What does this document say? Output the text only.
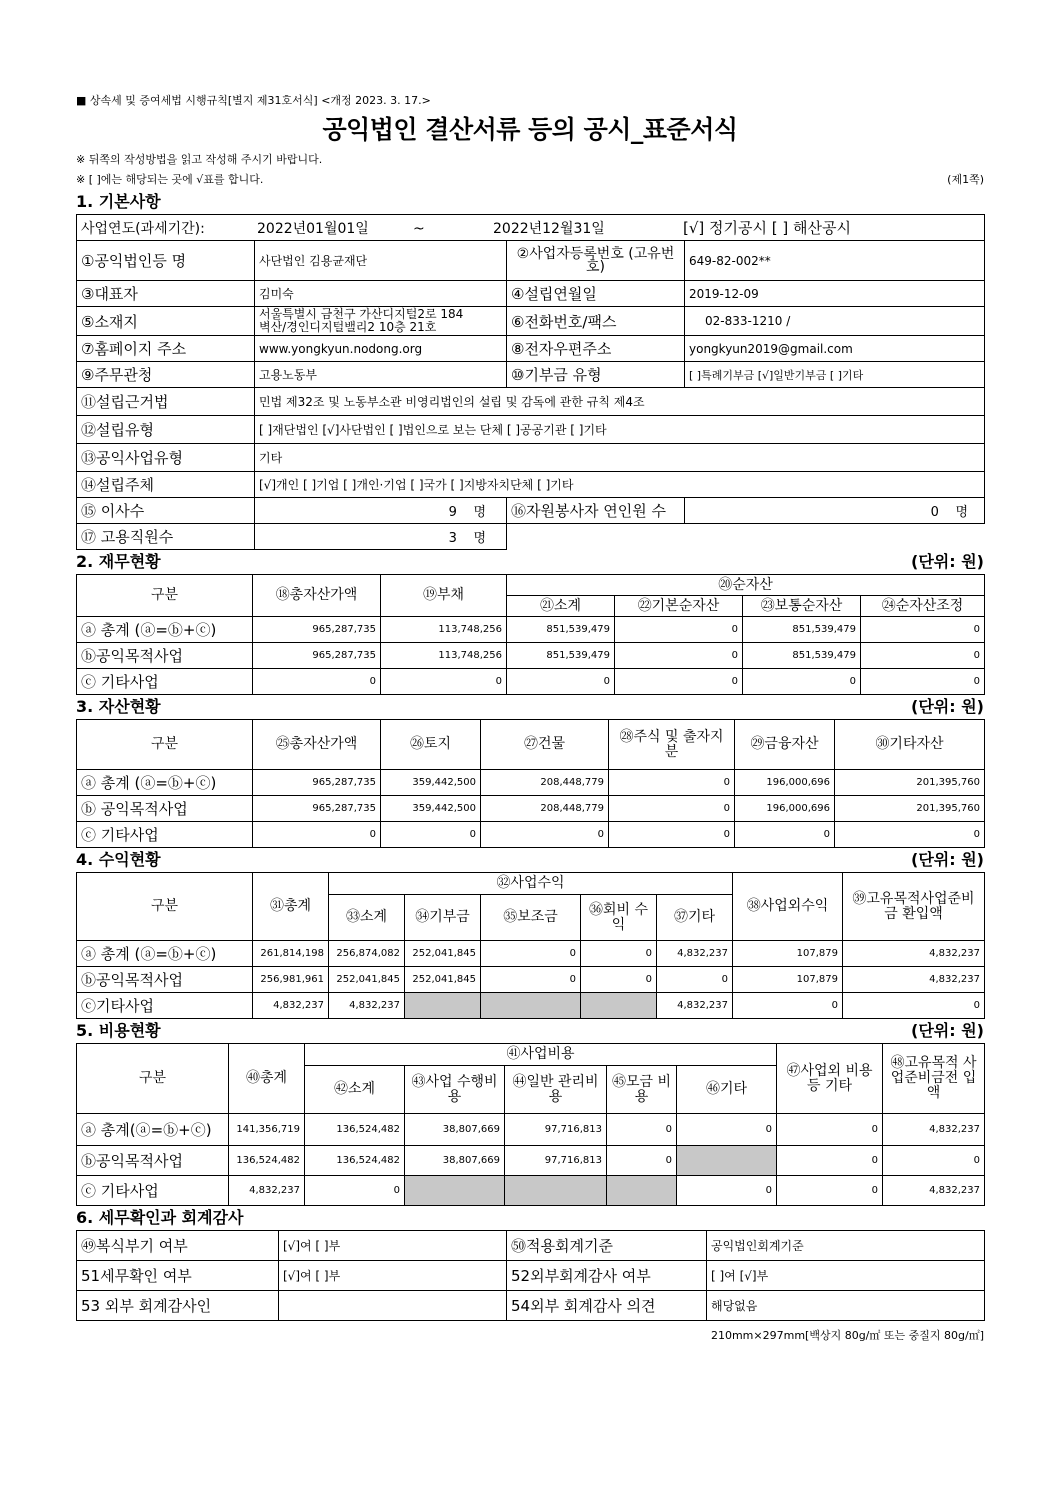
■ 상속세 및 증여세법 시행규칙[별지 제31호서식] <개정 2023. 3. 17.>
공익법인 결산서류 등의 공시_표준서식
※ 뒤쪽의 작성방법을 읽고 작성해 주시기 바랍니다.
※ [ ]에는 해당되는 곳에 √표를 합니다.	(제1쪽)
1. 기본사항
사업연도(과세기간): 2022년01월01일 ~ 2022년12월31일 [√] 정기공시 [ ] 해산공시			
①공익법인등 명	사단법인 김용균재단	②사업자등록번호 (고유번호)	649-82-002**
③대표자	김미숙	④설립연월일	2019-12-09
⑤소재지	서울특별시 금천구 가산디지털2로 184
벽산/경인디지털밸리2 10층 21호	⑥전화번호/팩스	02-833-1210 /
⑦홈페이지 주소	www.yongkyun.nodong.org	⑧전자우편주소	yongkyun2019@gmail.com
⑨주무관청	고용노동부	⑩기부금 유형	[ ]특례기부금 [√]일반기부금 [ ]기타
⑪설립근거법	민법 제32조 및 노동부소관 비영리법인의 설립 및 감독에 관한 규칙 제4조		
⑫설립유형	[ ]재단법인 [√]사단법인 [ ]법인으로 보는 단체 [ ]공공기관 [ ]기타		
⑬공익사업유형	기타		
⑭설립주체	[√]개인 [ ]기업 [ ]개인·기업 [ ]국가 [ ]지방자치단체 [ ]기타		
⑮ 이사수	9 명	⑯자원봉사자 연인원 수	0 명
⑰ 고용직원수	3 명		
2. 재무현황	(단위: 원)
구분	⑱총자산가액	⑲부채	⑳순자산			
			㉑소계	㉒기본순자산	㉓보통순자산	㉔순자산조정
ⓐ 총계 (ⓐ=ⓑ+ⓒ)	965,287,735	113,748,256	851,539,479	0	851,539,479	0
ⓑ공익목적사업	965,287,735	113,748,256	851,539,479	0	851,539,479	0
ⓒ 기타사업	0	0	0	0	0	0
3. 자산현황	(단위: 원)
구분	㉕총자산가액	㉖토지	㉗건물	㉘주식 및 출자지분	㉙금융자산	㉚기타자산
ⓐ 총계 (ⓐ=ⓑ+ⓒ)	965,287,735	359,442,500	208,448,779	0	196,000,696	201,395,760
ⓑ 공익목적사업	965,287,735	359,442,500	208,448,779	0	196,000,696	201,395,760
ⓒ 기타사업	0	0	0	0	0	0
4. 수익현황	(단위: 원)
구분	㉛총계	㉜사업수익					㊳사업외수익	㊴고유목적사업준비금 환입액
		㉝소계	㉞기부금	㉟보조금	㊱회비 수익	㊲기타		
ⓐ 총계 (ⓐ=ⓑ+ⓒ)	261,814,198	256,874,082	252,041,845	0	0	4,832,237	107,879	4,832,237
ⓑ공익목적사업	256,981,961	252,041,845	252,041,845	0	0	0	107,879	4,832,237
ⓒ기타사업	4,832,237	4,832,237				4,832,237	0	0
5. 비용현황	(단위: 원)
구분	㊵총계	㊶사업비용					㊼사업외 비용 등 기타	㊽고유목적 사업준비금전 입액
		㊷소계	㊸사업 수행비용	㊹일반 관리비용	㊺모금 비용	㊻기타		
ⓐ 총계(ⓐ=ⓑ+ⓒ)	141,356,719	136,524,482	38,807,669	97,716,813	0	0	0	4,832,237
ⓑ공익목적사업	136,524,482	136,524,482	38,807,669	97,716,813	0		0	0
ⓒ 기타사업	4,832,237	0				0	0	4,832,237
6. 세무확인과 회계감사
㊾복식부기 여부	[√]여 [ ]부	㊿적용회계기준	공익법인회계기준
51세무확인 여부	[√]여 [ ]부	52외부회계감사 여부	[ ]여 [√]부
53 외부 회계감사인		54외부 회계감사 의견	해당없음
210mm×297mm[백상지 80g/㎡ 또는 중질지 80g/㎡]
